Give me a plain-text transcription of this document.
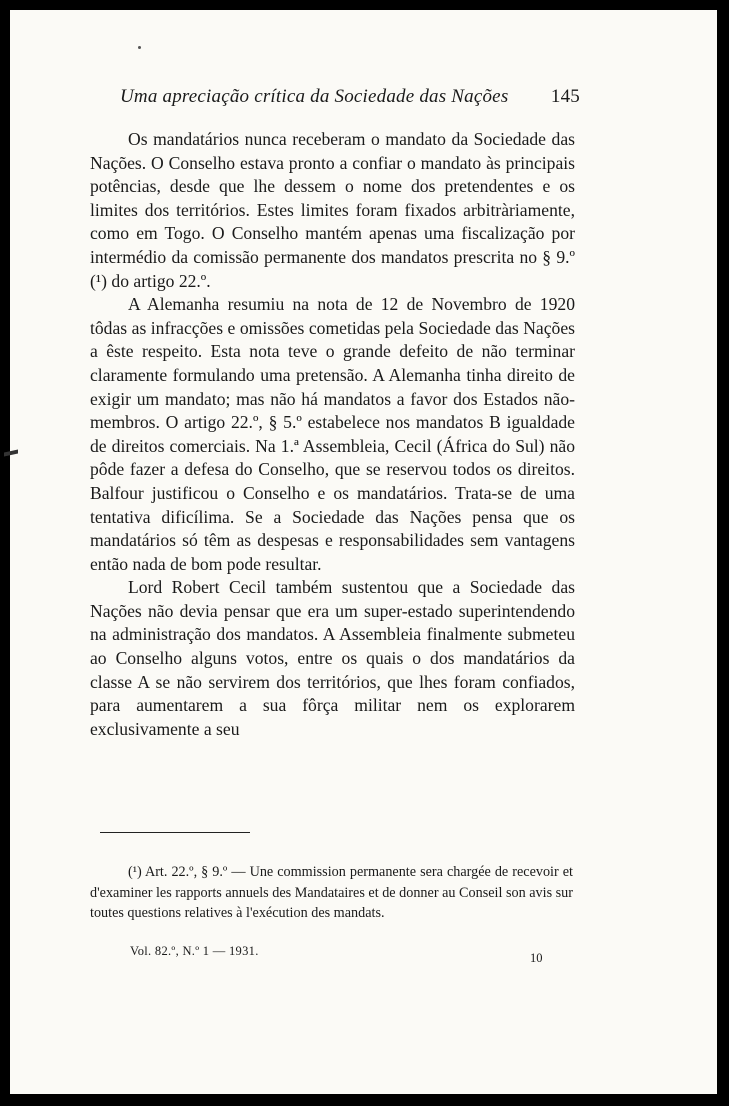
Uma apreciação crítica da Sociedade das Nações 145

Os mandatários nunca receberam o mandato da Sociedade das Nações. O Conselho estava pronto a confiar o mandato às principais potências, desde que lhe dessem o nome dos pretendentes e os limites dos territórios. Estes limites foram fixados arbitràriamente, como em Togo. O Conselho mantém apenas uma fiscalização por intermédio da comissão permanente dos mandatos prescrita no § 9.º (¹) do artigo 22.º.

A Alemanha resumiu na nota de 12 de Novembro de 1920 tôdas as infracções e omissões cometidas pela Sociedade das Nações a êste respeito. Esta nota teve o grande defeito de não terminar claramente formulando uma pretensão. A Alemanha tinha direito de exigir um mandato; mas não há mandatos a favor dos Estados não-membros. O artigo 22.º, § 5.º estabelece nos mandatos B igualdade de direitos comerciais. Na 1.ª Assembleia, Cecil (África do Sul) não pôde fazer a defesa do Conselho, que se reservou todos os direitos. Balfour justificou o Conselho e os mandatários. Trata-se de uma tentativa dificílima. Se a Sociedade das Nações pensa que os mandatários só têm as despesas e responsabilidades sem vantagens então nada de bom pode resultar.

Lord Robert Cecil também sustentou que a Sociedade das Nações não devia pensar que era um super-estado superintendendo na administração dos mandatos. A Assembleia finalmente submeteu ao Conselho alguns votos, entre os quais o dos mandatários da classe A se não servirem dos territórios, que lhes foram confiados, para aumentarem a sua fôrça militar nem os explorarem exclusivamente a seu

(¹) Art. 22.º, § 9.º — Une commission permanente sera chargée de recevoir et d'examiner les rapports annuels des Mandataires et de donner au Conseil son avis sur toutes questions relatives à l'exécution des mandats.
Vol. 82.º, N.º 1 — 1931.	10
